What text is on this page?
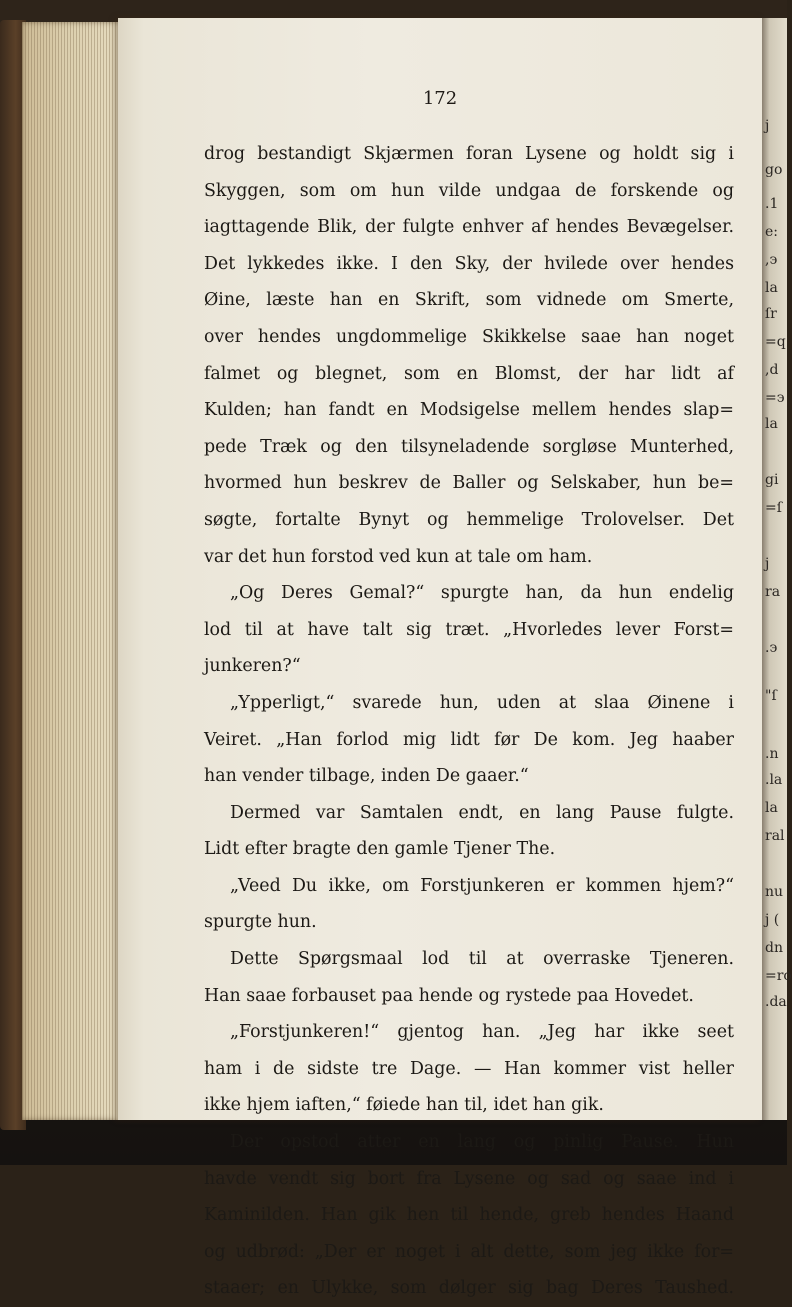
172
drog bestandigt Skjærmen foran Lysene og holdt sig i
Skyggen, som om hun vilde undgaa de forskende og
iagttagende Blik, der fulgte enhver af hendes Bevægelser.
Det lykkedes ikke. I den Sky, der hvilede over hendes
Øine, læste han en Skrift, som vidnede om Smerte,
over hendes ungdommelige Skikkelse saae han noget
falmet og blegnet, som en Blomst, der har lidt af
Kulden; han fandt en Modsigelse mellem hendes slap=
pede Træk og den tilsyneladende sorgløse Munterhed,
hvormed hun beskrev de Baller og Selskaber, hun be=
søgte, fortalte Bynyt og hemmelige Trolovelser. Det
var det hun forstod ved kun at tale om ham.
„Og Deres Gemal?“ spurgte han, da hun endelig
lod til at have talt sig træt. „Hvorledes lever Forst=
junkeren?“
„Ypperligt,“ svarede hun, uden at slaa Øinene i
Veiret. „Han forlod mig lidt før De kom. Jeg haaber
han vender tilbage, inden De gaaer.“
Dermed var Samtalen endt, en lang Pause fulgte.
Lidt efter bragte den gamle Tjener The.
„Veed Du ikke, om Forstjunkeren er kommen hjem?“
spurgte hun.
Dette Spørgsmaal lod til at overraske Tjeneren.
Han saae forbauset paa hende og rystede paa Hovedet.
„Forstjunkeren!“ gjentog han. „Jeg har ikke seet
ham i de sidste tre Dage. — Han kommer vist heller
ikke hjem iaften,“ føiede han til, idet han gik.
Der opstod atter en lang og pinlig Pause. Hun
havde vendt sig bort fra Lysene og sad og saae ind i
Kaminilden. Han gik hen til hende, greb hendes Haand
og udbrød: „Der er noget i alt dette, som jeg ikke for=
staaer; en Ulykke, som dølger sig bag Deres Taushed.
j
go
.1
e:
,э
la
ſr
=q
,d
=э
la
gi
=ſ
j
ra
.э
"ſ
.n
.la
la
ral
nu
j (
dn
=ro
.da
